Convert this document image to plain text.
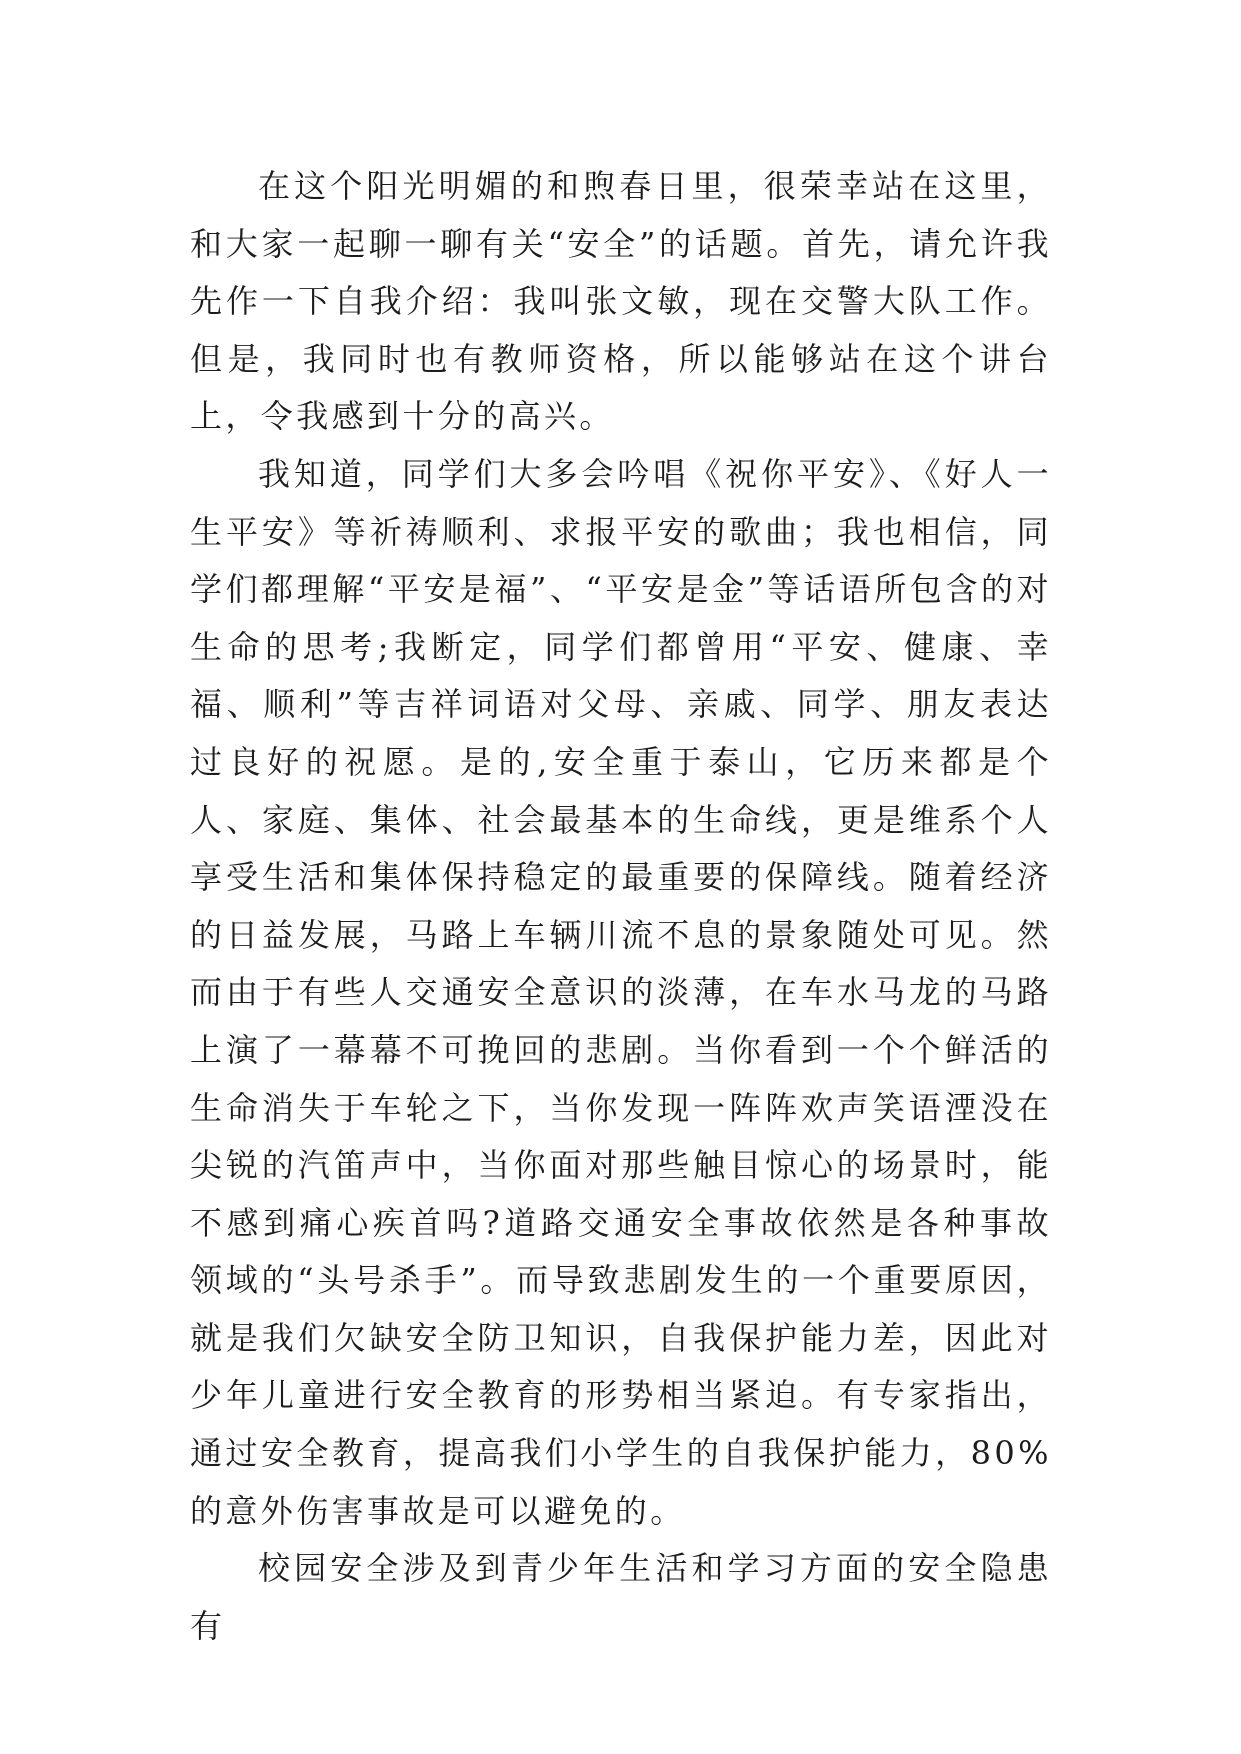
在这个阳光明媚的和煦春日里，很荣幸站在这里，和大家一起聊一聊有关“安全”的话题。首先，请允许我先作一下自我介绍：我叫张文敏，现在交警大队工作。但是，我同时也有教师资格，所以能够站在这个讲台上，令我感到十分的高兴。

我知道，同学们大多会吟唱《祝你平安》、《好人一生平安》等祈祷顺利、求报平安的歌曲；我也相信，同学们都理解“平安是福”、“平安是金”等话语所包含的对生命的思考;我断定，同学们都曾用“平安、健康、幸福、顺利”等吉祥词语对父母、亲戚、同学、朋友表达过良好的祝愿。是的,安全重于泰山，它历来都是个人、家庭、集体、社会最基本的生命线，更是维系个人享受生活和集体保持稳定的最重要的保障线。随着经济的日益发展，马路上车辆川流不息的景象随处可见。然而由于有些人交通安全意识的淡薄，在车水马龙的马路上演了一幕幕不可挽回的悲剧。当你看到一个个鲜活的生命消失于车轮之下，当你发现一阵阵欢声笑语湮没在尖锐的汽笛声中，当你面对那些触目惊心的场景时，能不感到痛心疾首吗?道路交通安全事故依然是各种事故领域的“头号杀手”。而导致悲剧发生的一个重要原因，就是我们欠缺安全防卫知识，自我保护能力差，因此对少年儿童进行安全教育的形势相当紧迫。有专家指出，通过安全教育，提高我们小学生的自我保护能力，80%的意外伤害事故是可以避免的。

校园安全涉及到青少年生活和学习方面的安全隐患有
